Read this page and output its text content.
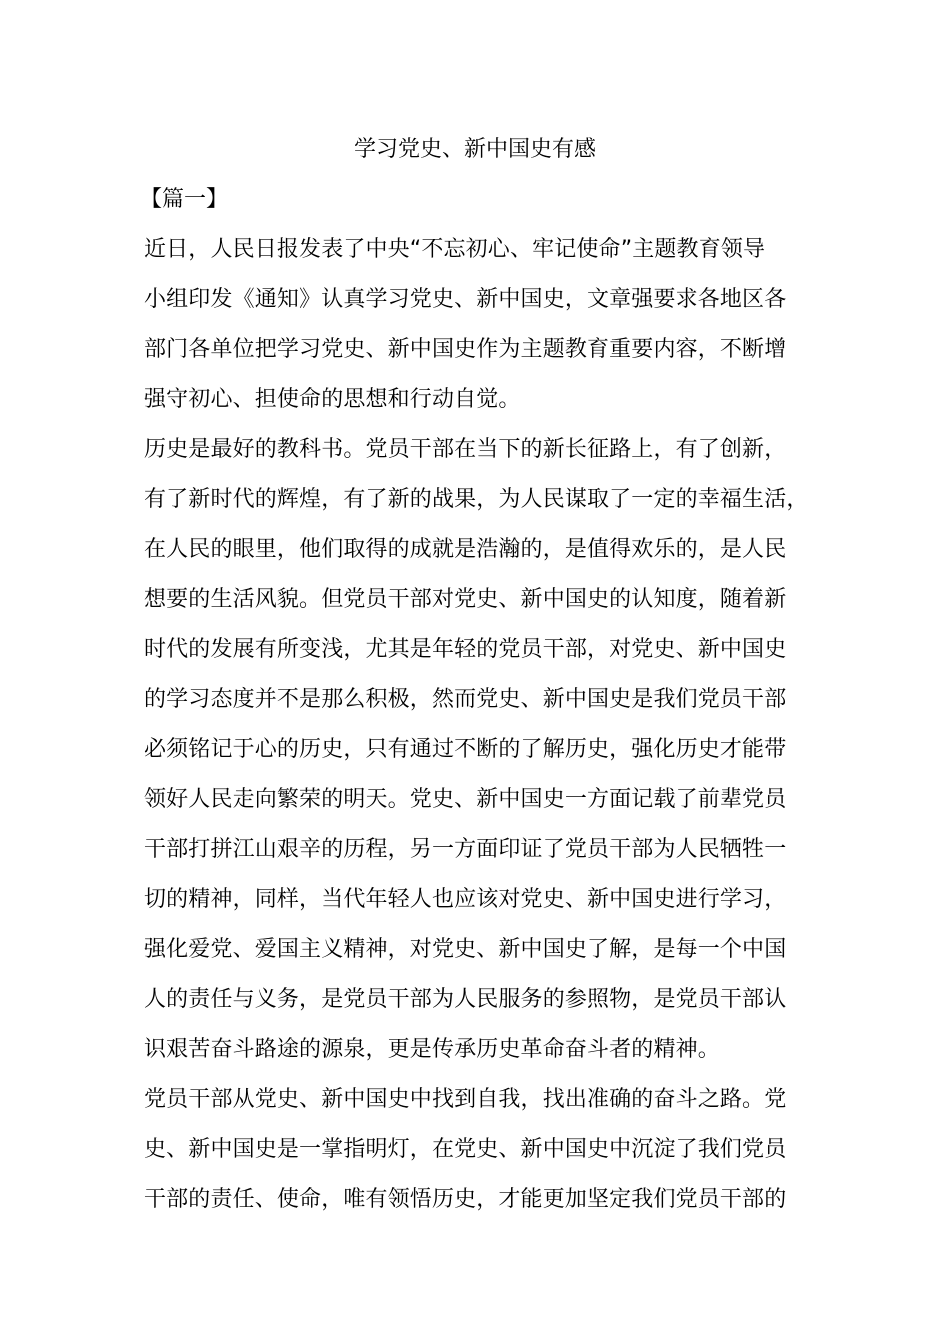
学习党史、新中国史有感
【篇一】
近日，人民日报发表了中央“不忘初心、牢记使命”主题教育领导
小组印发《通知》认真学习党史、新中国史，文章强要求各地区各
部门各单位把学习党史、新中国史作为主题教育重要内容，不断增
强守初心、担使命的思想和行动自觉。
历史是最好的教科书。党员干部在当下的新长征路上，有了创新，
有了新时代的辉煌，有了新的战果，为人民谋取了一定的幸福生活，
在人民的眼里，他们取得的成就是浩瀚的，是值得欢乐的，是人民
想要的生活风貌。但党员干部对党史、新中国史的认知度，随着新
时代的发展有所变浅，尤其是年轻的党员干部，对党史、新中国史
的学习态度并不是那么积极，然而党史、新中国史是我们党员干部
必须铭记于心的历史，只有通过不断的了解历史，强化历史才能带
领好人民走向繁荣的明天。党史、新中国史一方面记载了前辈党员
干部打拼江山艰辛的历程，另一方面印证了党员干部为人民牺牲一
切的精神，同样，当代年轻人也应该对党史、新中国史进行学习，
强化爱党、爱国主义精神，对党史、新中国史了解，是每一个中国
人的责任与义务，是党员干部为人民服务的参照物，是党员干部认
识艰苦奋斗路途的源泉，更是传承历史革命奋斗者的精神。
党员干部从党史、新中国史中找到自我，找出准确的奋斗之路。党
史、新中国史是一掌指明灯，在党史、新中国史中沉淀了我们党员
干部的责任、使命，唯有领悟历史，才能更加坚定我们党员干部的
